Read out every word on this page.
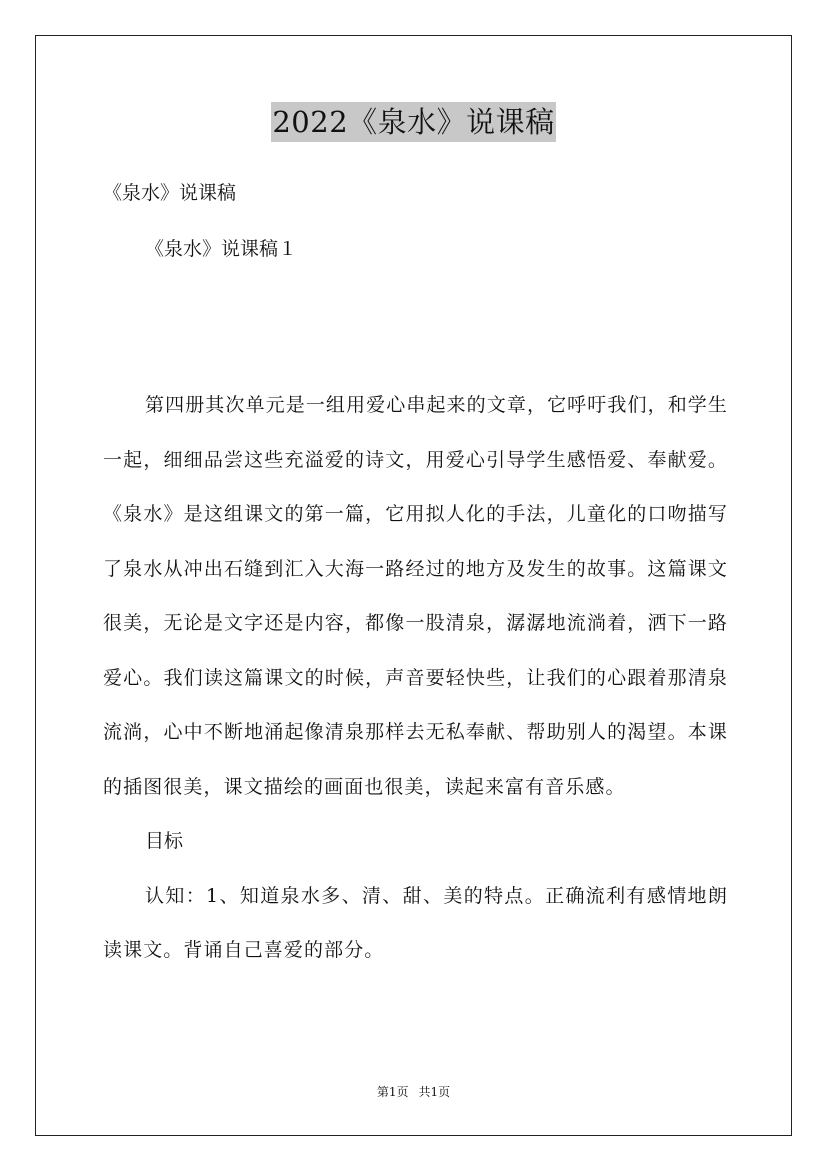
2022《泉水》说课稿

《泉水》说课稿

《泉水》说课稿１

第四册其次单元是一组用爱心串起来的文章，它呼吁我们，和学生一起，细细品尝这些充溢爱的诗文，用爱心引导学生感悟爱、奉献爱。《泉水》是这组课文的第一篇，它用拟人化的手法，儿童化的口吻描写了泉水从冲出石缝到汇入大海一路经过的地方及发生的故事。这篇课文很美，无论是文字还是内容，都像一股清泉，潺潺地流淌着，洒下一路爱心。我们读这篇课文的时候，声音要轻快些，让我们的心跟着那清泉流淌，心中不断地涌起像清泉那样去无私奉献、帮助别人的渴望。本课的插图很美，课文描绘的画面也很美，读起来富有音乐感。

目标

认知：1、知道泉水多、清、甜、美的特点。正确流利有感情地朗读课文。背诵自己喜爱的部分。

第1页 共1页
